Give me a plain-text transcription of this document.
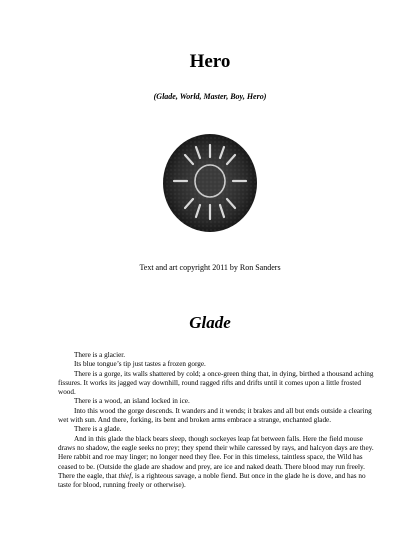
Hero
(Glade, World, Master, Boy, Hero)
Text and art copyright 2011 by Ron Sanders
Glade

There is a glacier.

Its blue tongue’s tip just tastes a frozen gorge.

There is a gorge, its walls shattered by cold; a once-green thing that, in dying, birthed a thousand aching fissures. It works its jagged way downhill, round ragged rifts and drifts until it comes upon a little frosted wood.

There is a wood, an island locked in ice.

Into this wood the gorge descends. It wanders and it wends; it brakes and all but ends outside a clearing wet with sun. And there, forking, its bent and broken arms embrace a strange, enchanted glade.

There is a glade.

And in this glade the black bears sleep, though sockeyes leap fat between falls. Here the field mouse draws no shadow, the eagle seeks no prey; they spend their while caressed by rays, and halcyon days are they. Here rabbit and roe may linger; no longer need they flee. For in this timeless, taintless space, the Wild has ceased to be. (Outside the glade are shadow and prey, are ice and naked death. There blood may run freely. There the eagle, that thief, is a righteous savage, a noble fiend. But once in the glade he is dove, and has no taste for blood, running freely or otherwise).
